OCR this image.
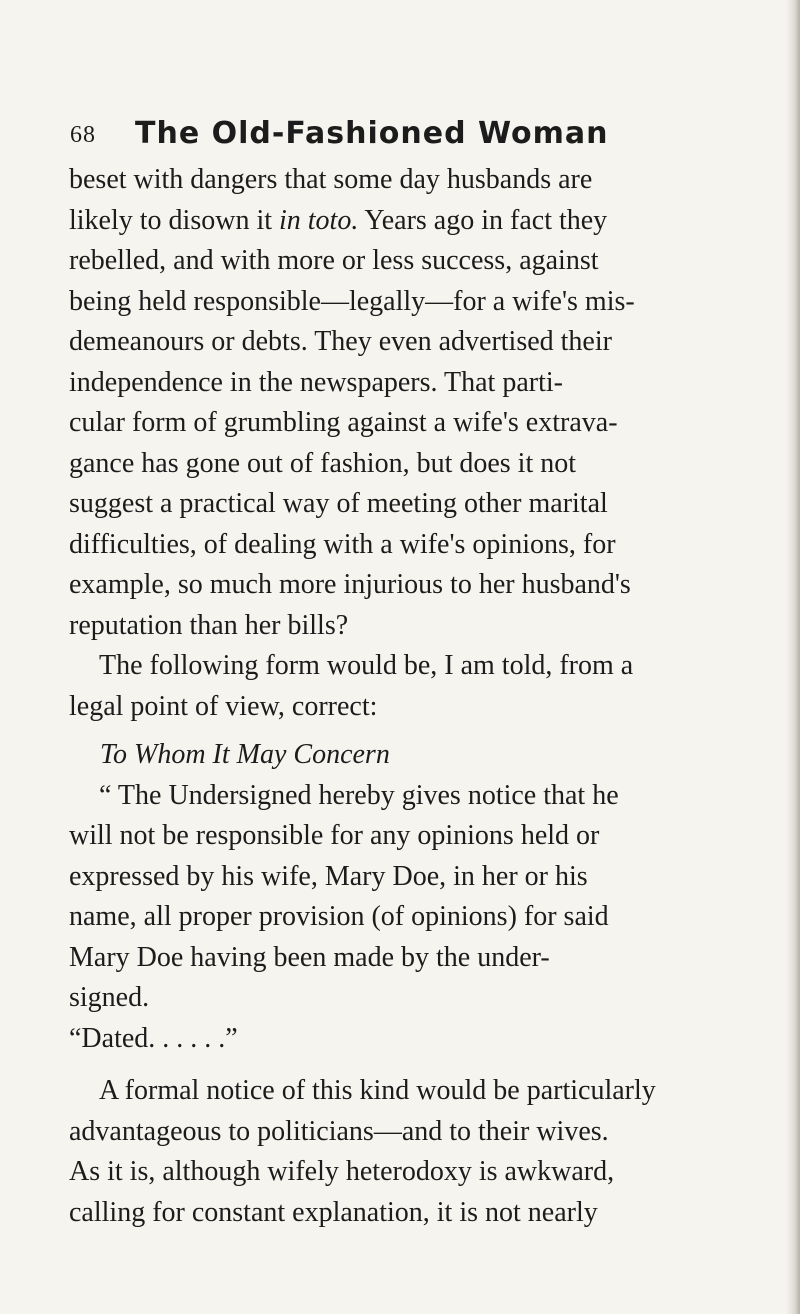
68 The Old-Fashioned Woman
beset with dangers that some day husbands are
likely to disown it in toto. Years ago in fact they
rebelled, and with more or less success, against
being held responsible—legally—for a wife's mis-
demeanours or debts. They even advertised their
independence in the newspapers. That parti-
cular form of grumbling against a wife's extrava-
gance has gone out of fashion, but does it not
suggest a practical way of meeting other marital
difficulties, of dealing with a wife's opinions, for
example, so much more injurious to her husband's
reputation than her bills?
The following form would be, I am told, from a
legal point of view, correct:
To Whom It May Concern
“ The Undersigned hereby gives notice that he
will not be responsible for any opinions held or
expressed by his wife, Mary Doe, in her or his
name, all proper provision (of opinions) for said
Mary Doe having been made by the under-
signed.
“Dated. . . . . .”
A formal notice of this kind would be particularly
advantageous to politicians—and to their wives.
As it is, although wifely heterodoxy is awkward,
calling for constant explanation, it is not nearly
